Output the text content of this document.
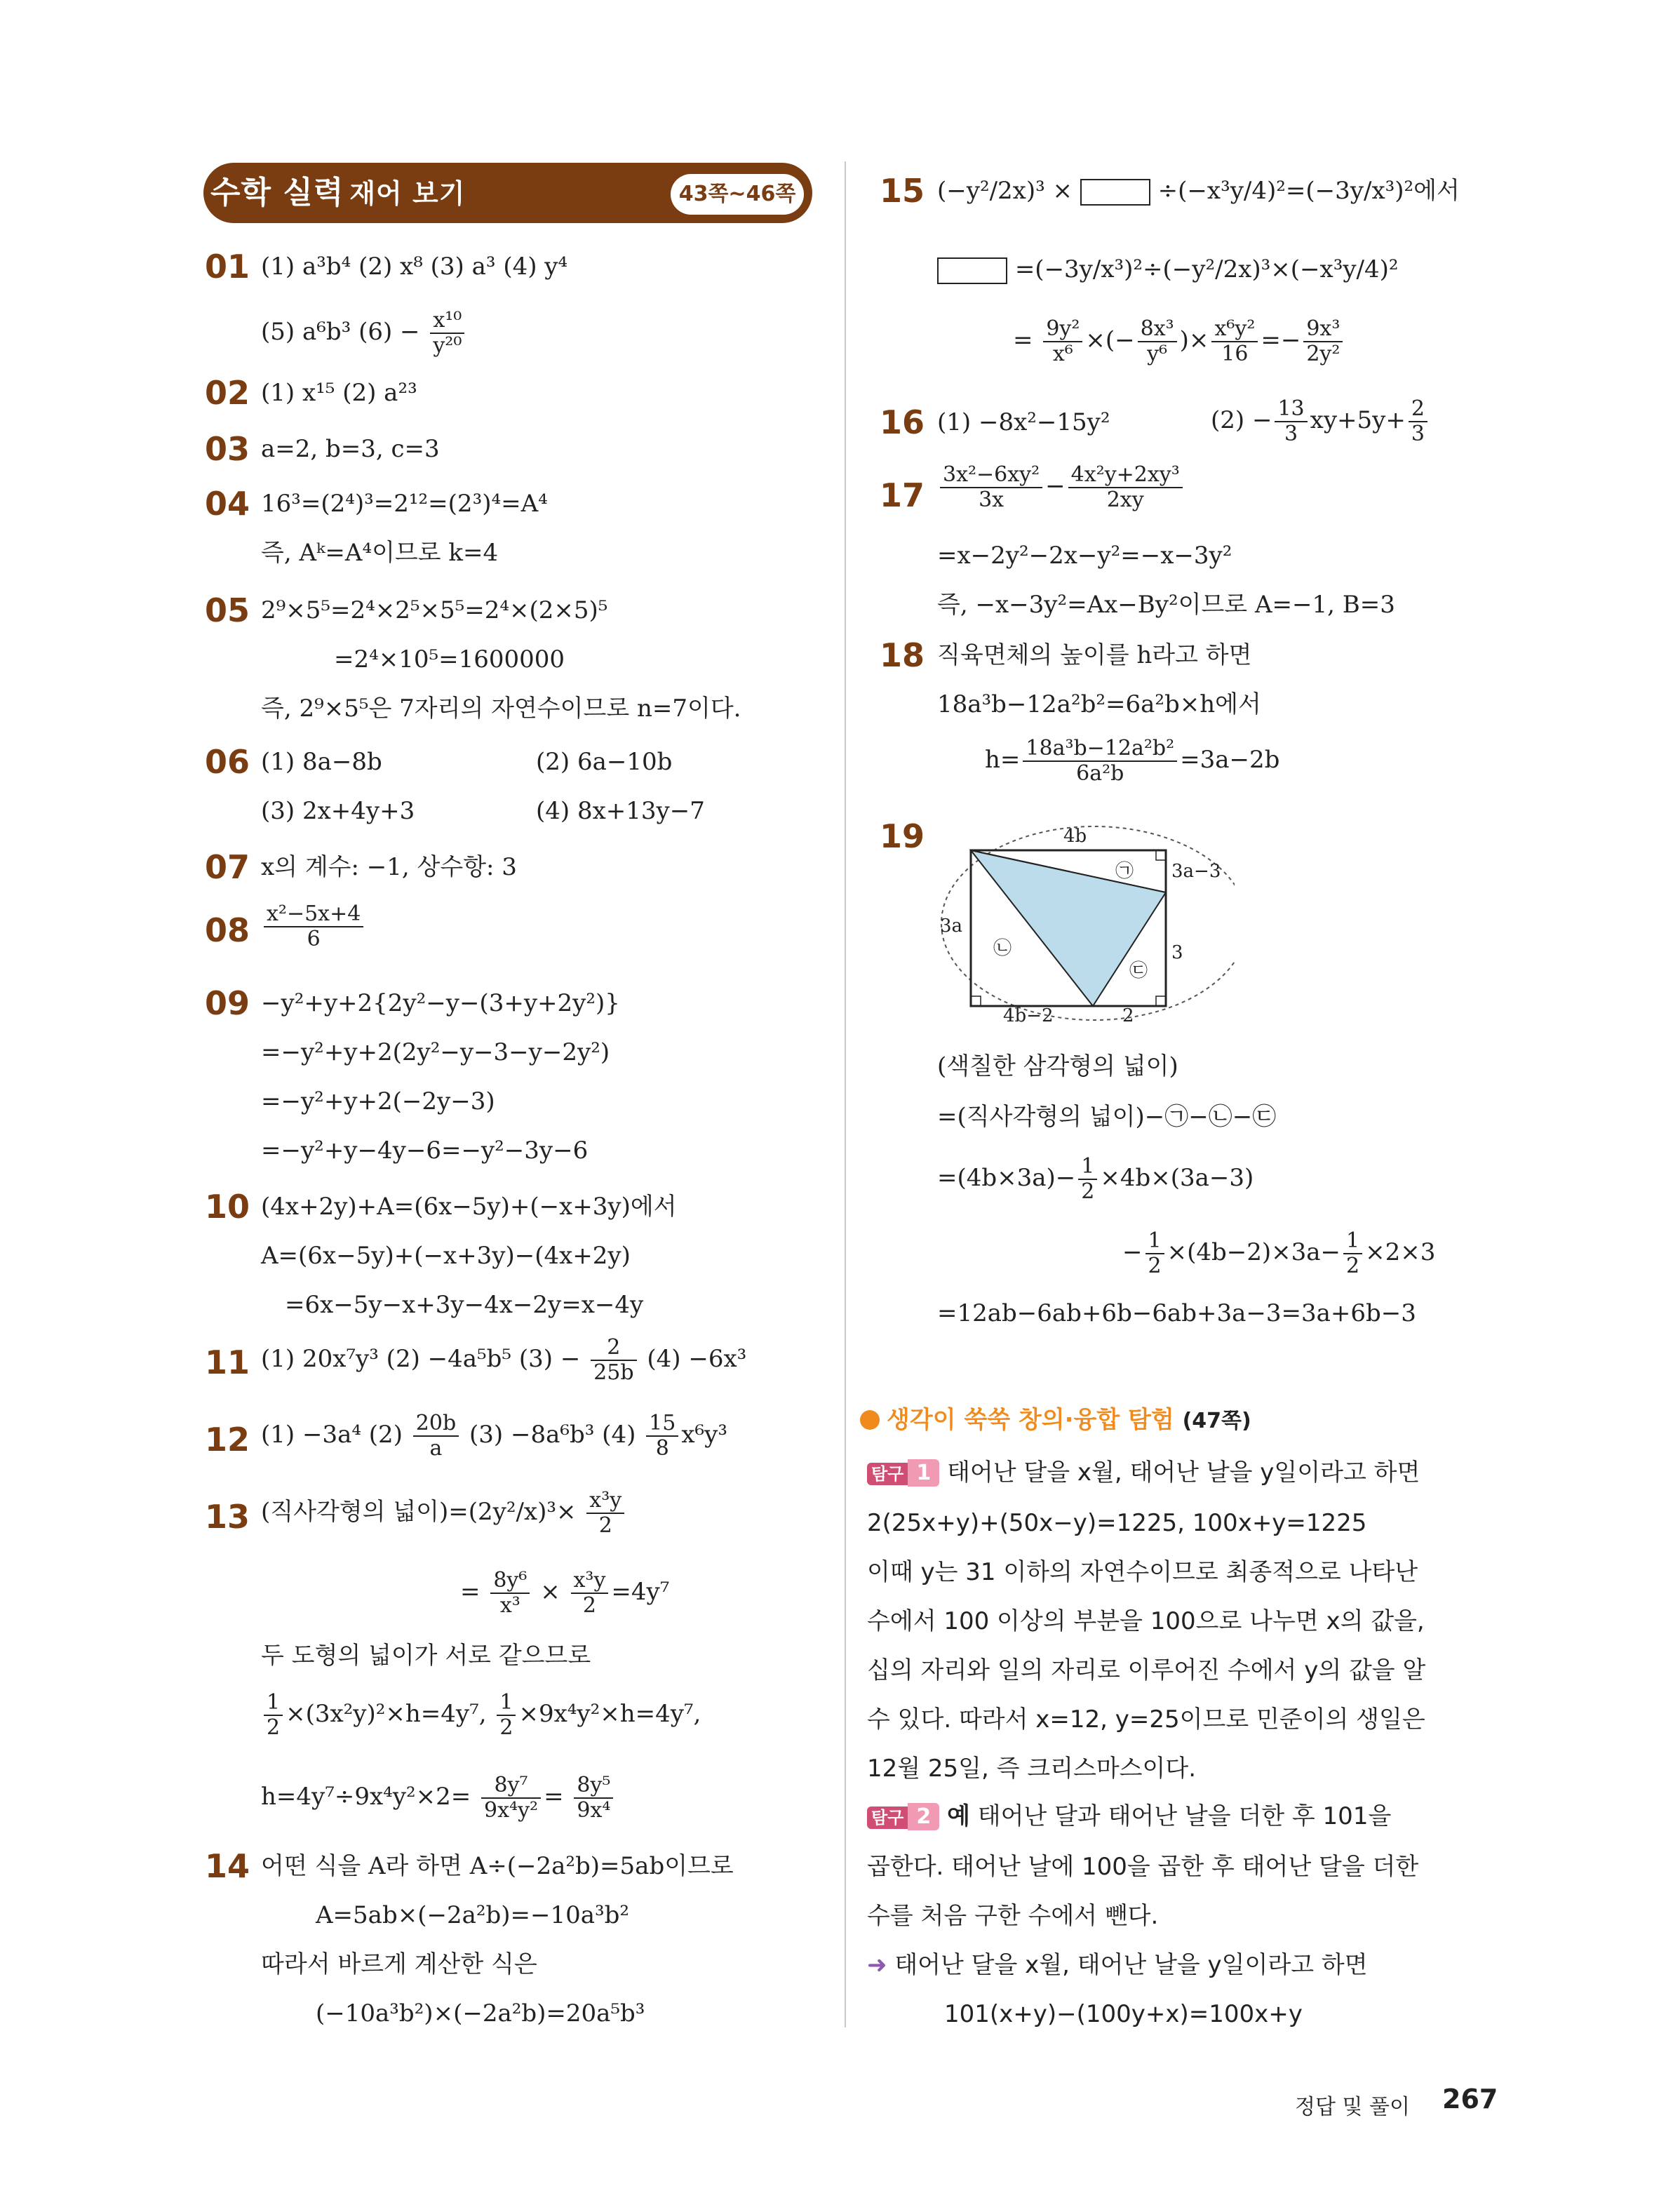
수학 실력 재어 보기	43쪽~46쪽
01 (1) a³b⁴ (2) x⁸ (3) a³ (4) y⁴
(5) a⁶b³ $(6) - \frac{\text{x¹⁰}}{\text{y²⁰}}$
02 (1) x¹⁵ (2) a²³
03 a=2, b=3, c=3
04 16³=(2⁴)³=2¹²=(2³)⁴=A⁴
즉, Aᵏ=A⁴이므로 k=4
05 2⁹×5⁵=2⁴×2⁵×5⁵=2⁴×(2×5)⁵
=2⁴×10⁵=1600000
즉, 2⁹×5⁵은 7자리의 자연수이므로 n=7이다.
06 (1) 8a−8b	(2) 6a−10b
(3) 2x+4y+3	(4) 8x+13y−7
07 x의 계수: −1, 상수항: 3
$08 \frac{\text{x²−5x+4}}{6}$
09 −y²+y+2{2y²−y−(3+y+2y²)}
=−y²+y+2(2y²−y−3−y−2y²)
=−y²+y+2(−2y−3)
=−y²+y−4y−6=−y²−3y−6
10 (4x+2y)+A=(6x−5y)+(−x+3y)에서
A=(6x−5y)+(−x+3y)−(4x+2y)
=6x−5y−x+3y−4x−2y=x−4y
11 (1) 20x⁷y³ (2) −4a⁵b⁵ $(3) - \frac{2}{25b} (4) -6x^3$
12 (1) −3a⁴ $(2) \frac{20b}{a} (3) -8a^6b^3$ $(4) \frac{15}{8} x^6y^3$
13 (직사각형의 넓이)$=(2y^2/x)^3\times \frac{\text{x³y}}{2}$
= $\frac{\text{8y⁶}}{\text{x³}} \times \frac{\text{x³y}}{2} =4y^7$
두 도형의 넓이가 서로 같으므로
$\frac{1}{2} \times(3x^2y)^2\times h=4y^7$, $\frac{1}{2} \times 9x^4y^2\times h=4y^7$,
$h=4y^7\div 9x^4y^2\times 2= \frac{\text{8y⁷}}{\text{9x⁴y²}} = \frac{\text{8y⁵}}{\text{9x⁴}}$
14 어떤 식을 A라 하면 A÷(−2a²b)=5ab이므로
A=5ab×(−2a²b)=−10a³b²
따라서 바르게 계산한 식은
(−10a³b²)×(−2a²b)=20a⁵b³
15 (−y²/2x)³ ×	÷(−x³y/4)²=(−3y/x³)²에서
=(−3y/x³)²÷(−y²/2x)³×(−x³y/4)²
= $\frac{\text{9y²}}{\text{x⁶}}$ ×(− $\frac{\text{8x³}}{\text{y⁶}}$ )× $\frac{\text{x⁶y²}}{16} =- \frac{\text{9x³}}{\text{2y²}}$
16 (1) −8x²−15y²	$(2) - \frac{13}{3} xy+5y+ \frac{2}{3}$
$17 \frac{\text{3x²−6xy²}}{3x} - \frac{\text{4x²y+2xy³}}{2xy}$
=x−2y²−2x−y²=−x−3y²
즉, −x−3y²=Ax−By²이므로 A=−1, B=3
18 직육면체의 높이를 h라고 하면
18a³b−12a²b²=6a²b×h에서
$h= \frac{\text{18a³b−12a²b²}}{\text{6a²b}} =3a-2b$
19	4b
3a−3
3a
3
4b−2	2
㉠
㉡
㉢
(색칠한 삼각형의 넓이)
=(직사각형의 넓이)−㉠−㉡−㉢
$=(4b\times 3a)- \frac{1}{2} \times 4b\times(3a-3)$
− $\frac{1}{2} \times(4b-2)\times 3a- \frac{1}{2} \times 2\times 3$
=12ab−6ab+6b−6ab+3a−3=3a+6b−3
생각이 쑥쑥 창의·융합 탐험 (47쪽)
탐구 1 태어난 달을 x월, 태어난 날을 y일이라고 하면
2(25x+y)+(50x−y)=1225, 100x+y=1225
이때 y는 31 이하의 자연수이므로 최종적으로 나타난
수에서 100 이상의 부분을 100으로 나누면 x의 값을,
십의 자리와 일의 자리로 이루어진 수에서 y의 값을 알
수 있다. 따라서 x=12, y=25이므로 민준이의 생일은
12월 25일, 즉 크리스마스이다.
탐구 2 예 태어난 달과 태어난 날을 더한 후 101을
곱한다. 태어난 날에 100을 곱한 후 태어난 달을 더한
수를 처음 구한 수에서 뺀다.
➜ 태어난 달을 x월, 태어난 날을 y일이라고 하면
101(x+y)−(100y+x)=100x+y
정답 및 풀이 267
